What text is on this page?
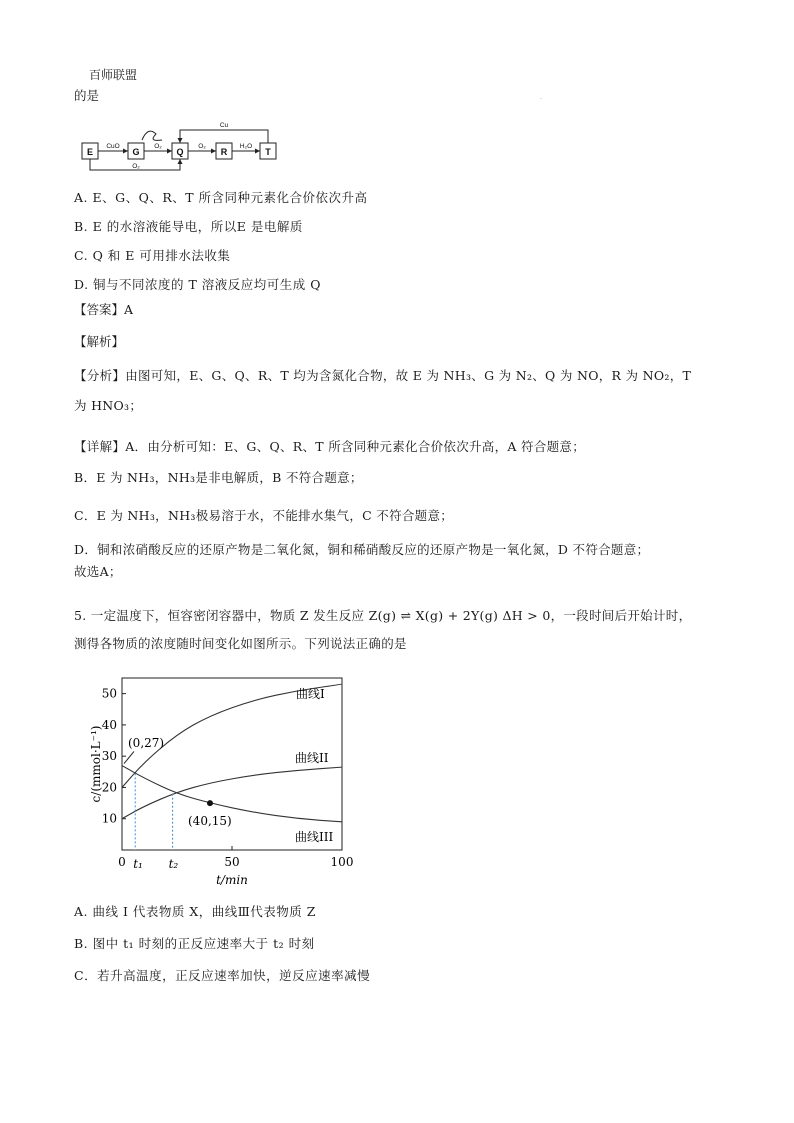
百师联盟
的是	.
E	G	Q	R	T
CuO	O₂	O₂	H₂O
Cu
O₂
A. E、G、Q、R、T 所含同种元素化合价依次升高
B. E 的水溶液能导电，所以E 是电解质
C. Q 和 E 可用排水法收集
D. 铜与不同浓度的 T 溶液反应均可生成 Q
【答案】A
【解析】
【分析】由图可知，E、G、Q、R、T 均为含氮化合物，故 E 为 NH₃、G 为 N₂、Q 为 NO，R 为 NO₂，T
为 HNO₃；
【详解】A．由分析可知：E、G、Q、R、T 所含同种元素化合价依次升高，A 符合题意；
B．E 为 NH₃，NH₃是非电解质，B 不符合题意；
C．E 为 NH₃，NH₃极易溶于水，不能排水集气，C 不符合题意；
D．铜和浓硝酸反应的还原产物是二氧化氮，铜和稀硝酸反应的还原产物是一氧化氮，D 不符合题意；
故选A；
5. 一定温度下，恒容密闭容器中，物质 Z 发生反应 Z(g) ⇌ X(g) + 2Y(g) ΔH > 0，一段时间后开始计时，
测得各物质的浓度随时间变化如图所示。下列说法正确的是
10
20
30
40
50
0	50	100
曲线I
曲线II
曲线III
t₁ t₂
(0,27)
(40,15)
t/min
c/(mmol·L⁻¹)
A. 曲线 I 代表物质 X，曲线Ⅲ代表物质 Z
B. 图中 t₁ 时刻的正反应速率大于 t₂ 时刻
C．若升高温度，正反应速率加快，逆反应速率减慢
